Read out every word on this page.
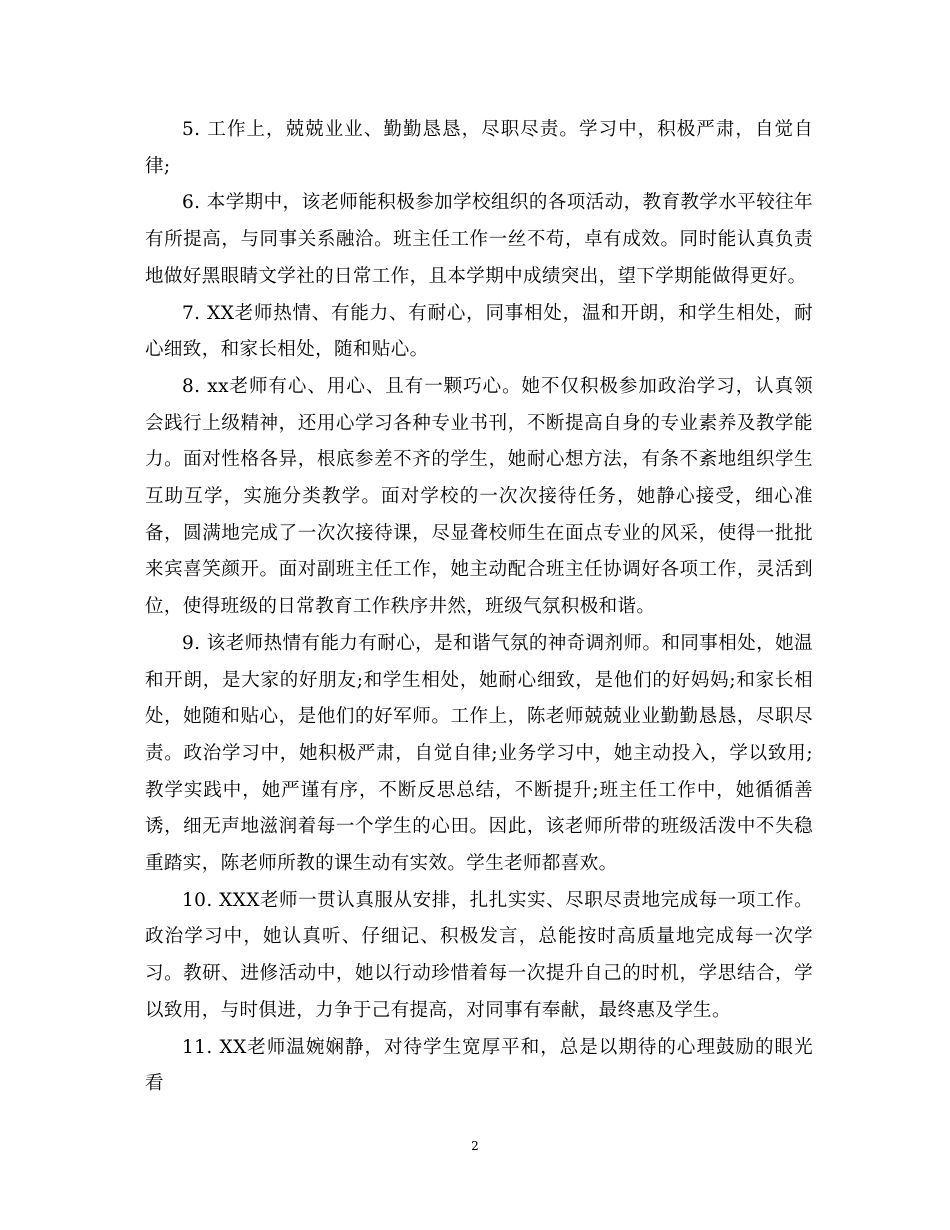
5. 工作上，兢兢业业、勤勤恳恳，尽职尽责。学习中，积极严肃，自觉自律;

6. 本学期中，该老师能积极参加学校组织的各项活动，教育教学水平较往年有所提高，与同事关系融洽。班主任工作一丝不苟，卓有成效。同时能认真负责地做好黑眼睛文学社的日常工作，且本学期中成绩突出，望下学期能做得更好。

7. XX老师热情、有能力、有耐心，同事相处，温和开朗，和学生相处，耐心细致，和家长相处，随和贴心。

8. xx老师有心、用心、且有一颗巧心。她不仅积极参加政治学习，认真领会践行上级精神，还用心学习各种专业书刊，不断提高自身的专业素养及教学能力。面对性格各异，根底参差不齐的学生，她耐心想方法，有条不紊地组织学生互助互学，实施分类教学。面对学校的一次次接待任务，她静心接受，细心准备，圆满地完成了一次次接待课，尽显聋校师生在面点专业的风采，使得一批批来宾喜笑颜开。面对副班主任工作，她主动配合班主任协调好各项工作，灵活到位，使得班级的日常教育工作秩序井然，班级气氛积极和谐。

9. 该老师热情有能力有耐心，是和谐气氛的神奇调剂师。和同事相处，她温和开朗，是大家的好朋友;和学生相处，她耐心细致，是他们的好妈妈;和家长相处，她随和贴心，是他们的好军师。工作上，陈老师兢兢业业勤勤恳恳，尽职尽责。政治学习中，她积极严肃，自觉自律;业务学习中，她主动投入，学以致用;教学实践中，她严谨有序，不断反思总结，不断提升;班主任工作中，她循循善诱，细无声地滋润着每一个学生的心田。因此，该老师所带的班级活泼中不失稳重踏实，陈老师所教的课生动有实效。学生老师都喜欢。

10. XXX老师一贯认真服从安排，扎扎实实、尽职尽责地完成每一项工作。政治学习中，她认真听、仔细记、积极发言，总能按时高质量地完成每一次学习。教研、进修活动中，她以行动珍惜着每一次提升自己的时机，学思结合，学以致用，与时俱进，力争于己有提高，对同事有奉献，最终惠及学生。

11. XX老师温婉娴静，对待学生宽厚平和，总是以期待的心理鼓励的眼光看

2
